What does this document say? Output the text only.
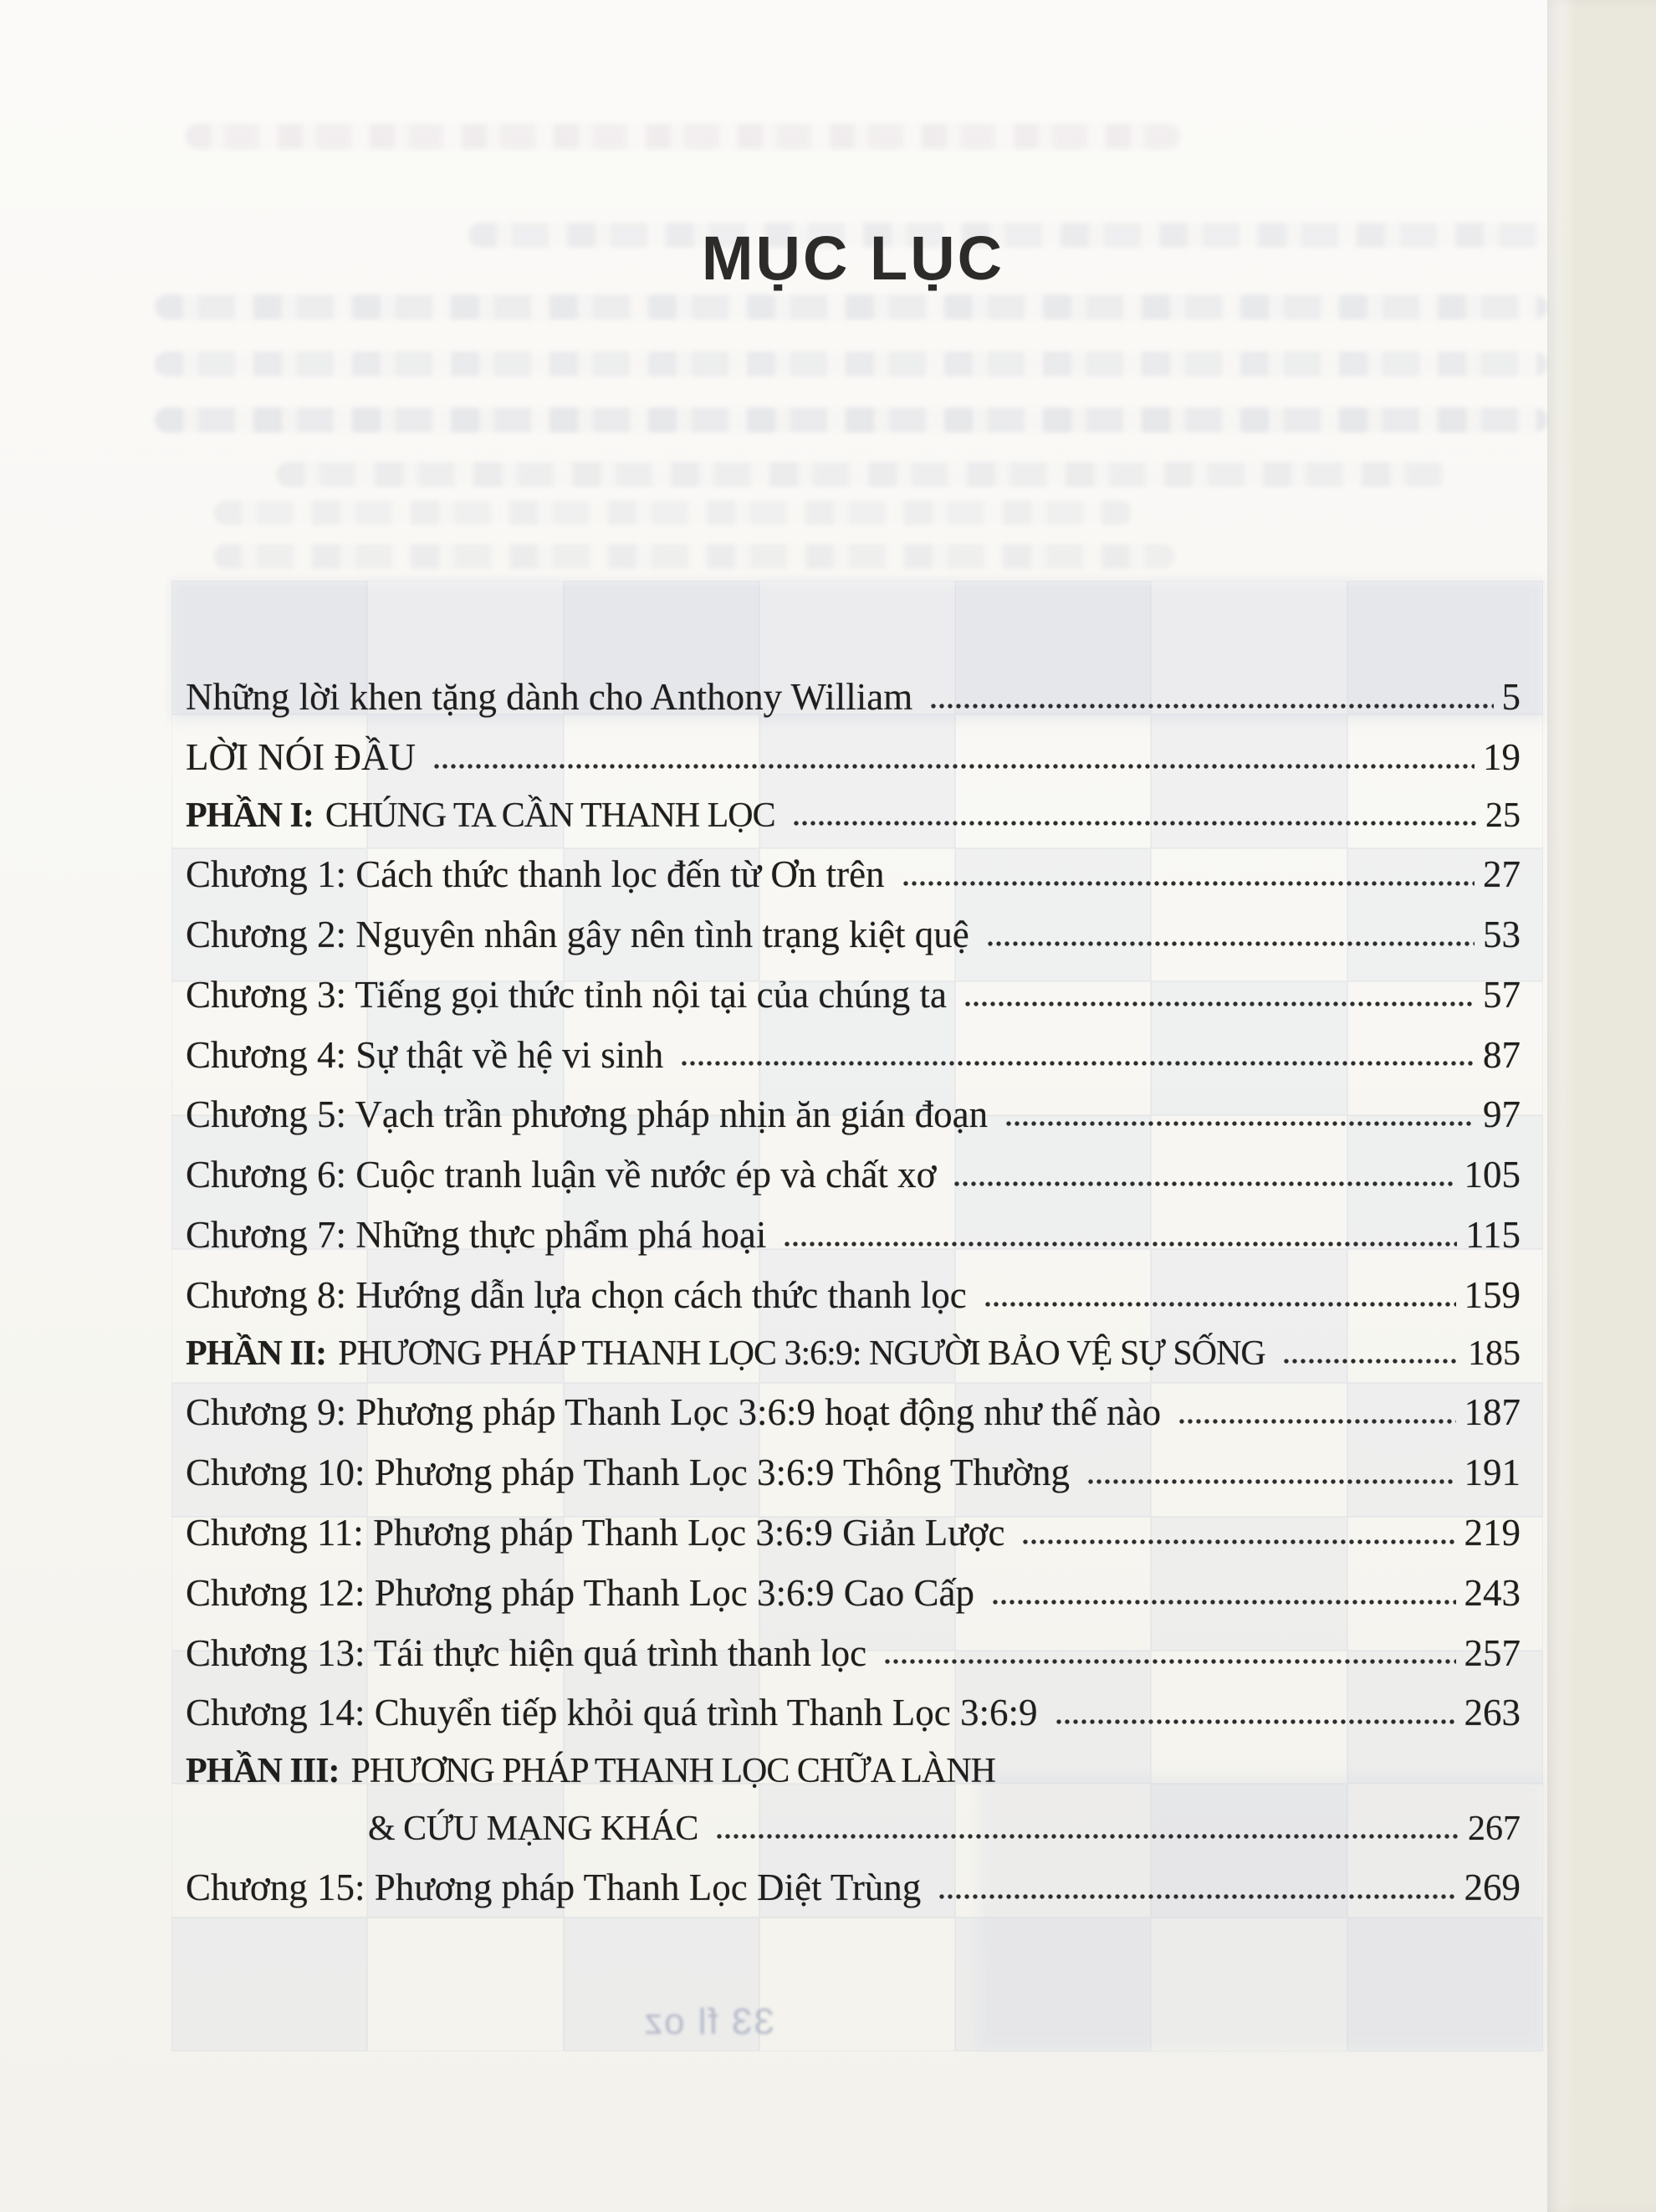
33 fl oz
MỤC LỤC
Những lời khen tặng dành cho Anthony William	5
LỜI NÓI ĐẦU	19
PHẦN I: CHÚNG TA CẦN THANH LỌC	25
Chương 1: Cách thức thanh lọc đến từ Ơn trên	27
Chương 2: Nguyên nhân gây nên tình trạng kiệt quệ	53
Chương 3: Tiếng gọi thức tỉnh nội tại của chúng ta	57
Chương 4: Sự thật về hệ vi sinh	87
Chương 5: Vạch trần phương pháp nhịn ăn gián đoạn	97
Chương 6: Cuộc tranh luận về nước ép và chất xơ	105
Chương 7: Những thực phẩm phá hoại	115
Chương 8: Hướng dẫn lựa chọn cách thức thanh lọc	159
PHẦN II: PHƯƠNG PHÁP THANH LỌC 3:6:9: NGƯỜI BẢO VỆ SỰ SỐNG	185
Chương 9: Phương pháp Thanh Lọc 3:6:9 hoạt động như thế nào	187
Chương 10: Phương pháp Thanh Lọc 3:6:9 Thông Thường	191
Chương 11: Phương pháp Thanh Lọc 3:6:9 Giản Lược	219
Chương 12: Phương pháp Thanh Lọc 3:6:9 Cao Cấp	243
Chương 13: Tái thực hiện quá trình thanh lọc	257
Chương 14: Chuyển tiếp khỏi quá trình Thanh Lọc 3:6:9	263
PHẦN III: PHƯƠNG PHÁP THANH LỌC CHỮA LÀNH
& CỨU MẠNG KHÁC	267
Chương 15: Phương pháp Thanh Lọc Diệt Trùng	269
